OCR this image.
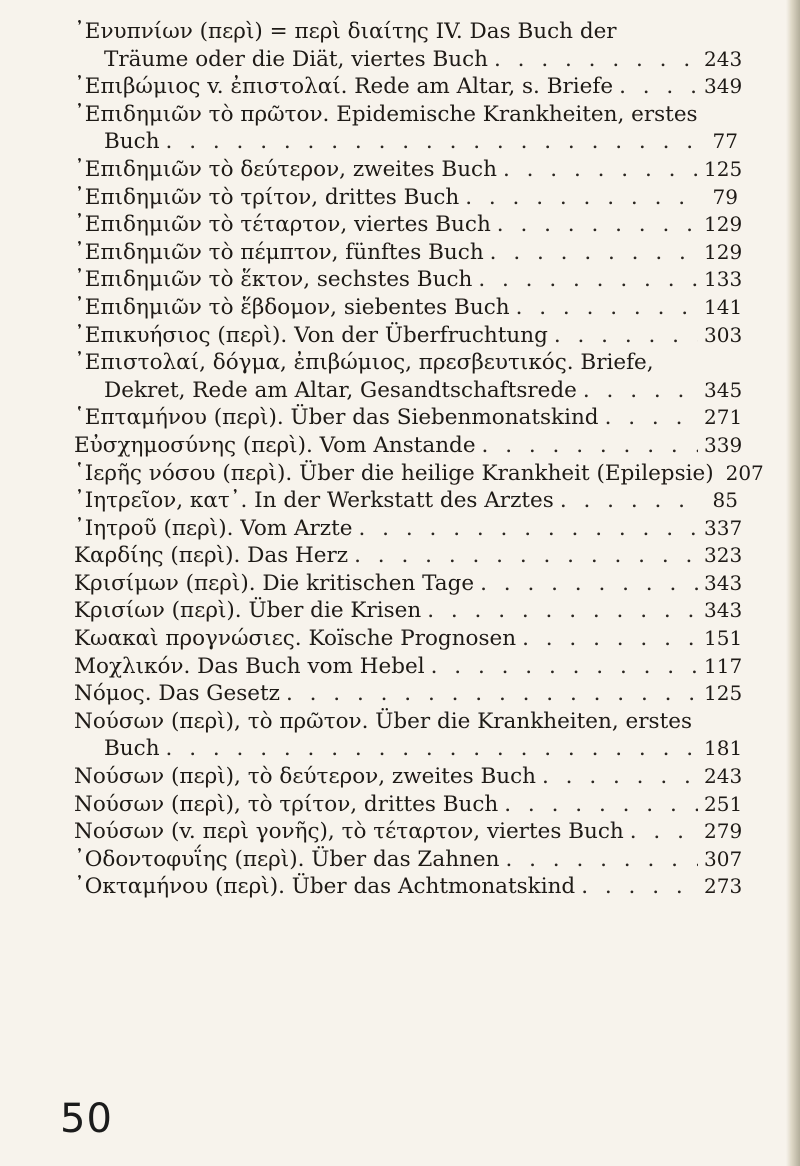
᾿Ενυπνίων (περὶ) = περὶ διαίτης IV. Das Buch der
Träume oder die Diät, viertes Buch . . .	243
᾿Επιβώμιος v. ἐπιστολαί. Rede am Altar, s. Briefe . . .	349
᾿Επιδημιῶν τὸ πρῶτον. Epidemische Krankheiten, erstes
Buch . . .	77
᾿Επιδημιῶν τὸ δεύτερον, zweites Buch . . .	125
᾿Επιδημιῶν τὸ τρίτον, drittes Buch . . .	79
᾿Επιδημιῶν τὸ τέταρτον, viertes Buch . . .	129
᾿Επιδημιῶν τὸ πέμπτον, fünftes Buch . . .	129
᾿Επιδημιῶν τὸ ἕκτον, sechstes Buch . . .	133
᾿Επιδημιῶν τὸ ἕβδομον, siebentes Buch . . .	141
᾿Επικυήσιος (περὶ). Von der Überfruchtung . . .	303
᾿Επιστολαί, δόγμα, ἐπιβώμιος, πρεσβευτικός. Briefe,
Dekret, Rede am Altar, Gesandtschaftsrede . . .	345
῾Επταμήνου (περὶ). Über das Siebenmonatskind . . .	271
Εὐσχημοσύνης (περὶ). Vom Anstande . . .	339
῾Ιερῆς νόσου (περὶ). Über die heilige Krankheit (Epilepsie) 207
᾿Ιητρεῖον, κατ᾿. In der Werkstatt des Arztes . . .	85
᾿Ιητροῦ (περὶ). Vom Arzte . . .	337
Καρδίης (περὶ). Das Herz . . .	323
Κρισίμων (περὶ). Die kritischen Tage . . .	343
Κρισίων (περὶ). Über die Krisen . . .	343
Κωακαὶ προγνώσιες. Koïsche Prognosen . . .	151
Μοχλικόν. Das Buch vom Hebel . . .	117
Νόμος. Das Gesetz . . .	125
Νούσων (περὶ), τὸ πρῶτον. Über die Krankheiten, erstes
Buch . . .	181
Νούσων (περὶ), τὸ δεύτερον, zweites Buch . . .	243
Νούσων (περὶ), τὸ τρίτον, drittes Buch . . .	251
Νούσων (v. περὶ γονῆς), τὸ τέταρτον, viertes Buch . . .	279
᾿Οδοντοφυΐης (περὶ). Über das Zahnen . . .	307
᾿Οκταμήνου (περὶ). Über das Achtmonatskind . . .	273
50
